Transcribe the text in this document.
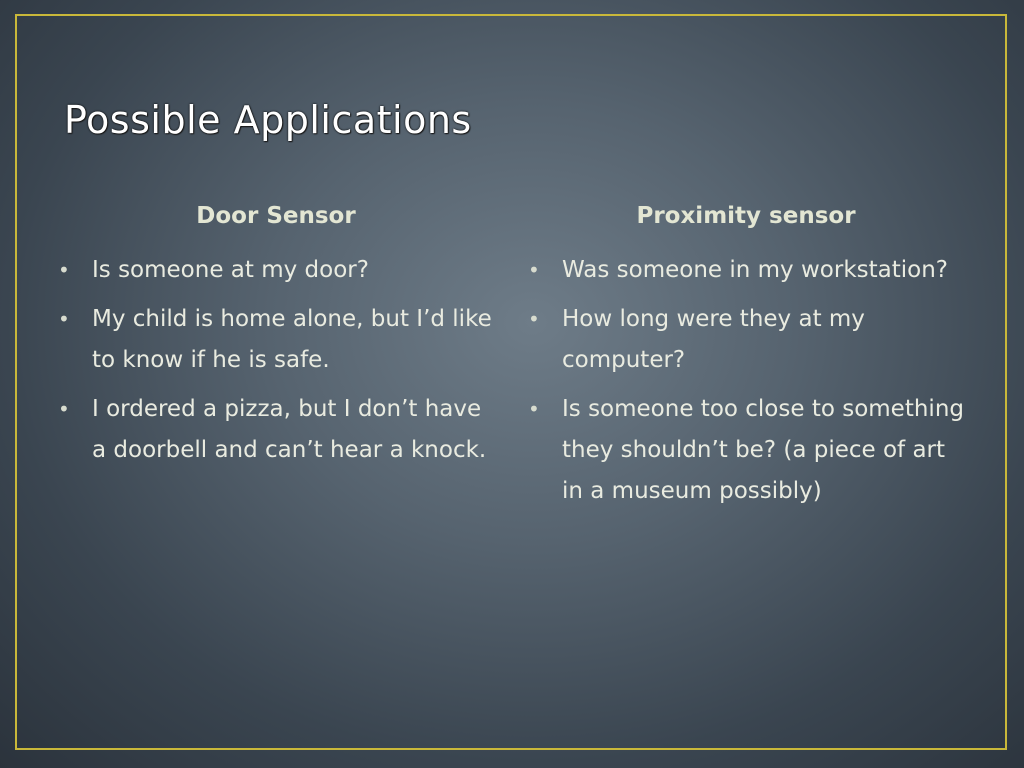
Possible Applications
Door Sensor
• Is someone at my door?
• My child is home alone, but I’d like to know if he is safe.
• I ordered a pizza, but I don’t have a doorbell and can’t hear a knock.
Proximity sensor
• Was someone in my workstation?
• How long were they at my computer?
• Is someone too close to something they shouldn’t be? (a piece of art in a museum possibly)
